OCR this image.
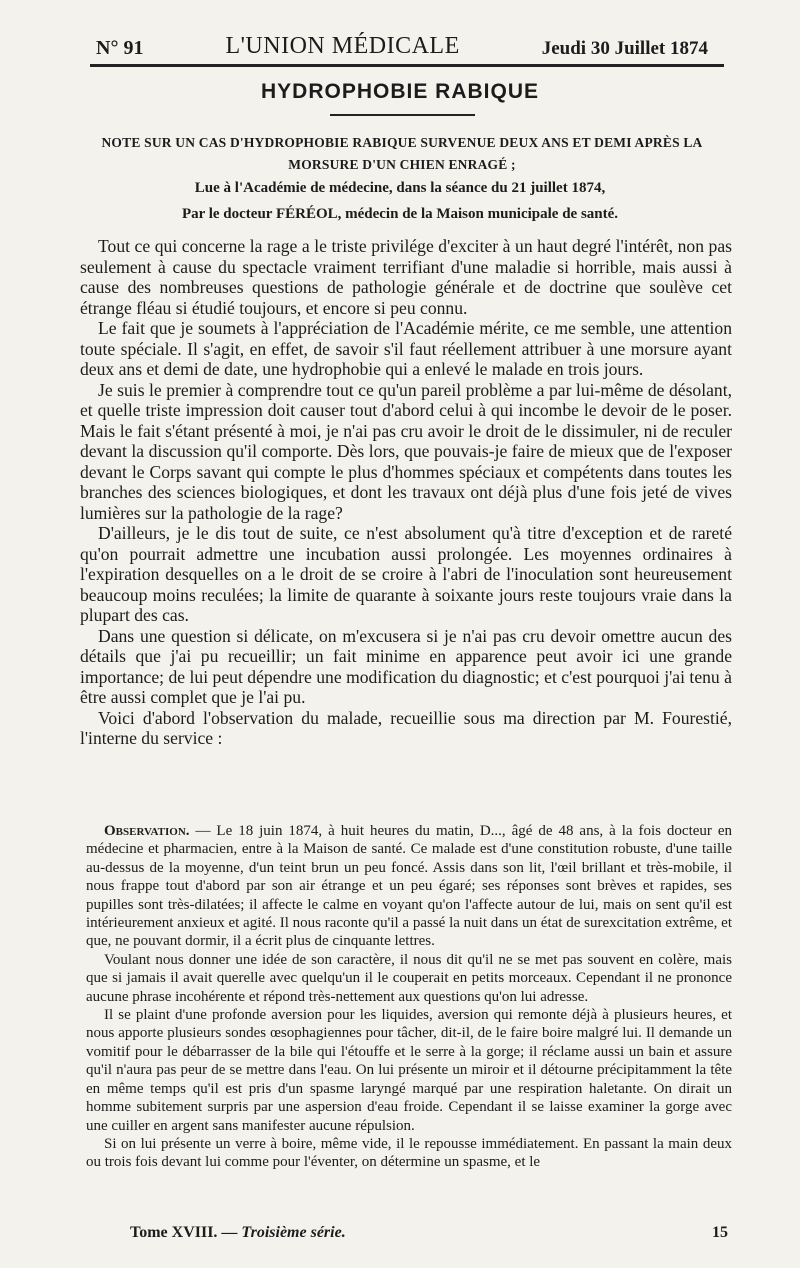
N° 91	L'UNION MÉDICALE	Jeudi 30 Juillet 1874
HYDROPHOBIE RABIQUE
NOTE SUR UN CAS D'HYDROPHOBIE RABIQUE SURVENUE DEUX ANS ET DEMI APRÈS LA MORSURE D'UN CHIEN ENRAGÉ ;
Lue à l'Académie de médecine, dans la séance du 21 juillet 1874,
Par le docteur FÉRÉOL, médecin de la Maison municipale de santé.

Tout ce qui concerne la rage a le triste privilége d'exciter à un haut degré l'intérêt, non pas seulement à cause du spectacle vraiment terrifiant d'une maladie si horrible, mais aussi à cause des nombreuses questions de pathologie générale et de doctrine que soulève cet étrange fléau si étudié toujours, et encore si peu connu.

Le fait que je soumets à l'appréciation de l'Académie mérite, ce me semble, une attention toute spéciale. Il s'agit, en effet, de savoir s'il faut réellement attribuer à une morsure ayant deux ans et demi de date, une hydrophobie qui a enlevé le malade en trois jours.

Je suis le premier à comprendre tout ce qu'un pareil problème a par lui-même de désolant, et quelle triste impression doit causer tout d'abord celui à qui incombe le devoir de le poser. Mais le fait s'étant présenté à moi, je n'ai pas cru avoir le droit de le dissimuler, ni de reculer devant la discussion qu'il comporte. Dès lors, que pouvais-je faire de mieux que de l'exposer devant le Corps savant qui compte le plus d'hommes spéciaux et compétents dans toutes les branches des sciences biologiques, et dont les travaux ont déjà plus d'une fois jeté de vives lumières sur la pathologie de la rage?

D'ailleurs, je le dis tout de suite, ce n'est absolument qu'à titre d'exception et de rareté qu'on pourrait admettre une incubation aussi prolongée. Les moyennes ordinaires à l'expiration desquelles on a le droit de se croire à l'abri de l'inoculation sont heureusement beaucoup moins reculées; la limite de quarante à soixante jours reste toujours vraie dans la plupart des cas.

Dans une question si délicate, on m'excusera si je n'ai pas cru devoir omettre aucun des détails que j'ai pu recueillir; un fait minime en apparence peut avoir ici une grande importance; de lui peut dépendre une modification du diagnostic; et c'est pourquoi j'ai tenu à être aussi complet que je l'ai pu.

Voici d'abord l'observation du malade, recueillie sous ma direction par M. Fourestié, l'interne du service :

Observation. — Le 18 juin 1874, à huit heures du matin, D..., âgé de 48 ans, à la fois docteur en médecine et pharmacien, entre à la Maison de santé. Ce malade est d'une constitution robuste, d'une taille au-dessus de la moyenne, d'un teint brun un peu foncé. Assis dans son lit, l'œil brillant et très-mobile, il nous frappe tout d'abord par son air étrange et un peu égaré; ses réponses sont brèves et rapides, ses pupilles sont très-dilatées; il affecte le calme en voyant qu'on l'affecte autour de lui, mais on sent qu'il est intérieurement anxieux et agité. Il nous raconte qu'il a passé la nuit dans un état de surexcitation extrême, et que, ne pouvant dormir, il a écrit plus de cinquante lettres.

Voulant nous donner une idée de son caractère, il nous dit qu'il ne se met pas souvent en colère, mais que si jamais il avait querelle avec quelqu'un il le couperait en petits morceaux. Cependant il ne prononce aucune phrase incohérente et répond très-nettement aux questions qu'on lui adresse.

Il se plaint d'une profonde aversion pour les liquides, aversion qui remonte déjà à plusieurs heures, et nous apporte plusieurs sondes œsophagiennes pour tâcher, dit-il, de le faire boire malgré lui. Il demande un vomitif pour le débarrasser de la bile qui l'étouffe et le serre à la gorge; il réclame aussi un bain et assure qu'il n'aura pas peur de se mettre dans l'eau. On lui présente un miroir et il détourne précipitamment la tête en même temps qu'il est pris d'un spasme laryngé marqué par une respiration haletante. On dirait un homme subitement surpris par une aspersion d'eau froide. Cependant il se laisse examiner la gorge avec une cuiller en argent sans manifester aucune répulsion.

Si on lui présente un verre à boire, même vide, il le repousse immédiatement. En passant la main deux ou trois fois devant lui comme pour l'éventer, on détermine un spasme, et le

Tome XVIII. — Troisième série.	15
